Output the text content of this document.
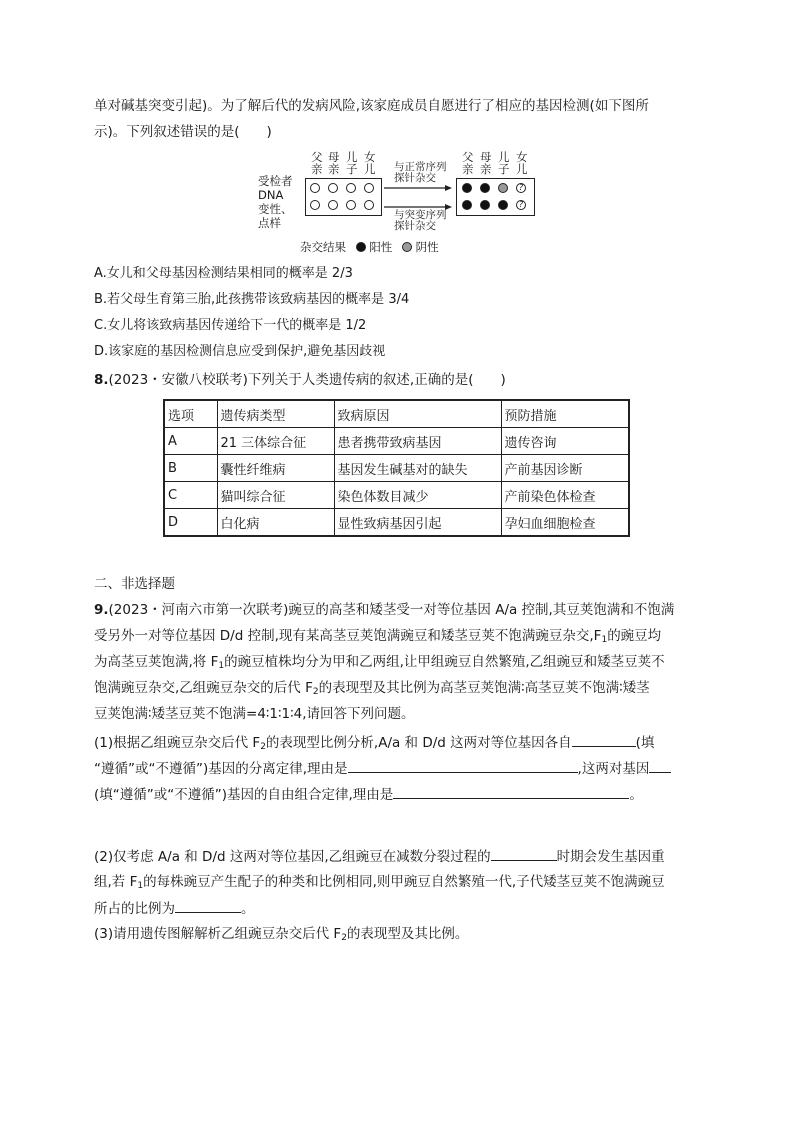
单对碱基突变引起)。为了解后代的发病风险,该家庭成员自愿进行了相应的基因检测(如下图所
示)。下列叙述错误的是(　　)
受检者
DNA
变性、
点样
父
亲
母
亲
儿
子
女
儿 与正常序列
探针杂交
与突变序列
探针杂交
父
亲
母
亲
儿
子
女
儿
?
?
杂交结果 阳性 阴性
A.女儿和父母基因检测结果相同的概率是 2/3
B.若父母生育第三胎,此孩携带该致病基因的概率是 3/4
C.女儿将该致病基因传递给下一代的概率是 1/2
D.该家庭的基因检测信息应受到保护,避免基因歧视
8.(2023・安徽八校联考)下列关于人类遗传病的叙述,正确的是(　　)
选项	遗传病类型	致病原因	预防措施
A	21 三体综合征	患者携带致病基因	遗传咨询
B	囊性纤维病	基因发生碱基对的缺失	产前基因诊断
C	猫叫综合征	染色体数目减少	产前染色体检查
D	白化病	显性致病基因引起	孕妇血细胞检查
二、非选择题
9.(2023・河南六市第一次联考)豌豆的高茎和矮茎受一对等位基因 A/a 控制,其豆荚饱满和不饱满
受另外一对等位基因 D/d 控制,现有某高茎豆荚饱满豌豆和矮茎豆荚不饱满豌豆杂交$,F_1$的豌豆均
为高茎豆荚饱满,将 $F_1$的豌豆植株均分为甲和乙两组,让甲组豌豆自然繁殖,乙组豌豆和矮茎豆荚不
饱满豌豆杂交,乙组豌豆杂交的后代 $F_2$的表现型及其比例为高茎豆荚饱满∶高茎豆荚不饱满∶矮茎
豆荚饱满∶矮茎豆荚不饱满=4∶1∶1∶4,请回答下列问题。
(1)根据乙组豌豆杂交后代 $F_2$的表现型比例分析,A/a 和 D/d 这两对等位基因各自	(填
“遵循”或“不遵循”)基因的分离定律,理由是	,这两对基因
(填“遵循”或“不遵循”)基因的自由组合定律,理由是	。
(2)仅考虑 A/a 和 D/d 这两对等位基因,乙组豌豆在减数分裂过程的	时期会发生基因重
组,若 $F_1$的每株豌豆产生配子的种类和比例相同,则甲豌豆自然繁殖一代,子代矮茎豆荚不饱满豌豆
所占的比例为	。
(3)请用遗传图解解析乙组豌豆杂交后代 $F_2$的表现型及其比例。
